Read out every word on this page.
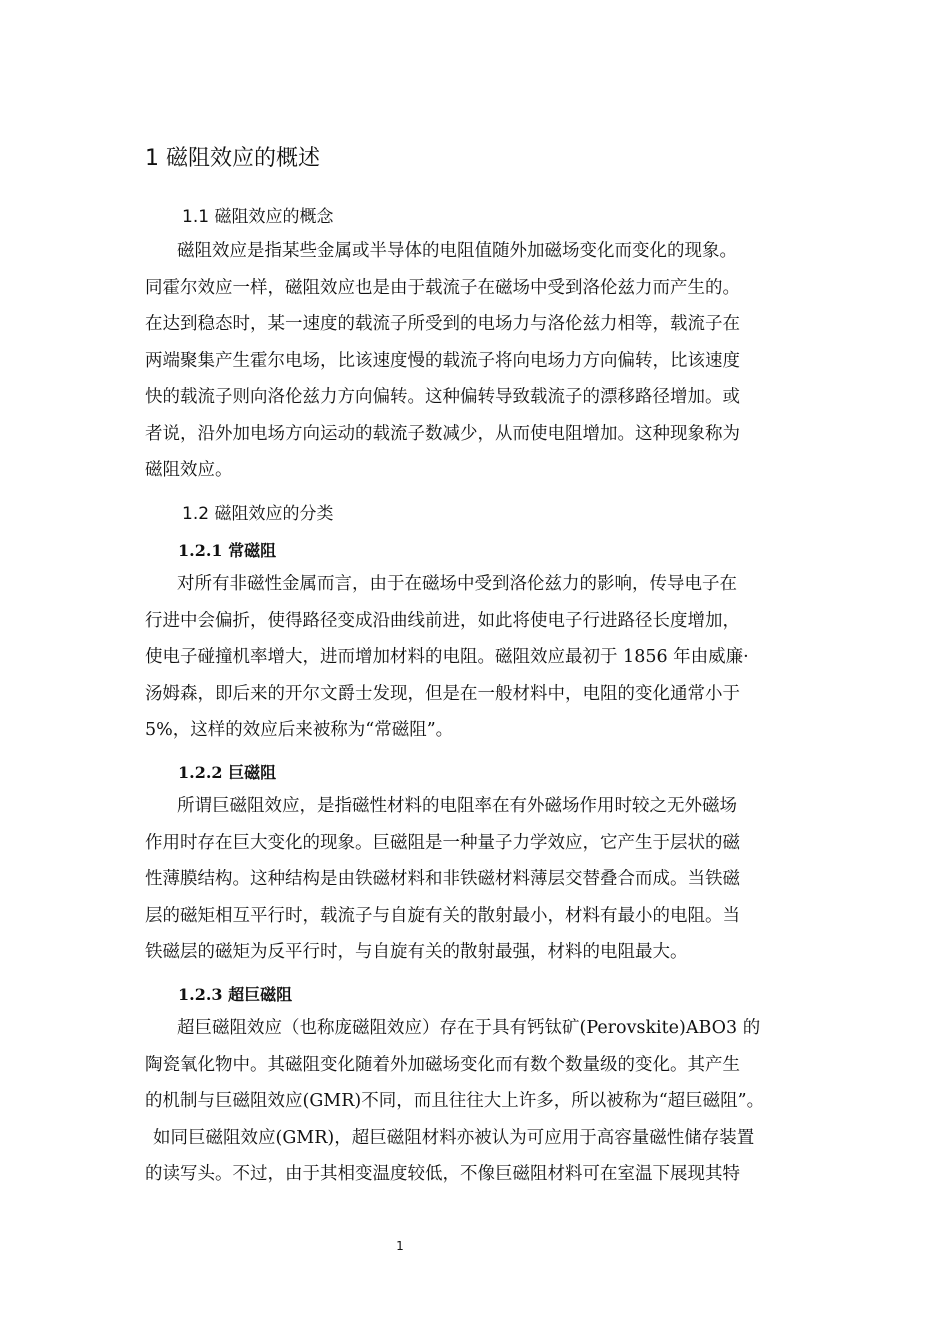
1 磁阻效应的概述
1.1 磁阻效应的概念
磁阻效应是指某些金属或半导体的电阻值随外加磁场变化而变化的现象。
同霍尔效应一样，磁阻效应也是由于载流子在磁场中受到洛伦兹力而产生的。
在达到稳态时，某一速度的载流子所受到的电场力与洛伦兹力相等，载流子在
两端聚集产生霍尔电场，比该速度慢的载流子将向电场力方向偏转，比该速度
快的载流子则向洛伦兹力方向偏转。这种偏转导致载流子的漂移路径增加。或
者说，沿外加电场方向运动的载流子数减少，从而使电阻增加。这种现象称为
磁阻效应。
1.2 磁阻效应的分类
1.2.1 常磁阻
对所有非磁性金属而言，由于在磁场中受到洛伦兹力的影响，传导电子在
行进中会偏折，使得路径变成沿曲线前进，如此将使电子行进路径长度增加，
使电子碰撞机率增大，进而增加材料的电阻。磁阻效应最初于 1856 年由威廉·
汤姆森，即后来的开尔文爵士发现，但是在一般材料中，电阻的变化通常小于
5%，这样的效应后来被称为“常磁阻”。
1.2.2 巨磁阻
所谓巨磁阻效应，是指磁性材料的电阻率在有外磁场作用时较之无外磁场
作用时存在巨大变化的现象。巨磁阻是一种量子力学效应，它产生于层状的磁
性薄膜结构。这种结构是由铁磁材料和非铁磁材料薄层交替叠合而成。当铁磁
层的磁矩相互平行时，载流子与自旋有关的散射最小，材料有最小的电阻。当
铁磁层的磁矩为反平行时，与自旋有关的散射最强，材料的电阻最大。
1.2.3 超巨磁阻
超巨磁阻效应（也称庞磁阻效应）存在于具有钙钛矿(Perovskite)ABO3 的
陶瓷氧化物中。其磁阻变化随着外加磁场变化而有数个数量级的变化。其产生
的机制与巨磁阻效应(GMR)不同，而且往往大上许多，所以被称为“超巨磁阻”。
如同巨磁阻效应(GMR)，超巨磁阻材料亦被认为可应用于高容量磁性储存装置
的读写头。不过，由于其相变温度较低，不像巨磁阻材料可在室温下展现其特
1
